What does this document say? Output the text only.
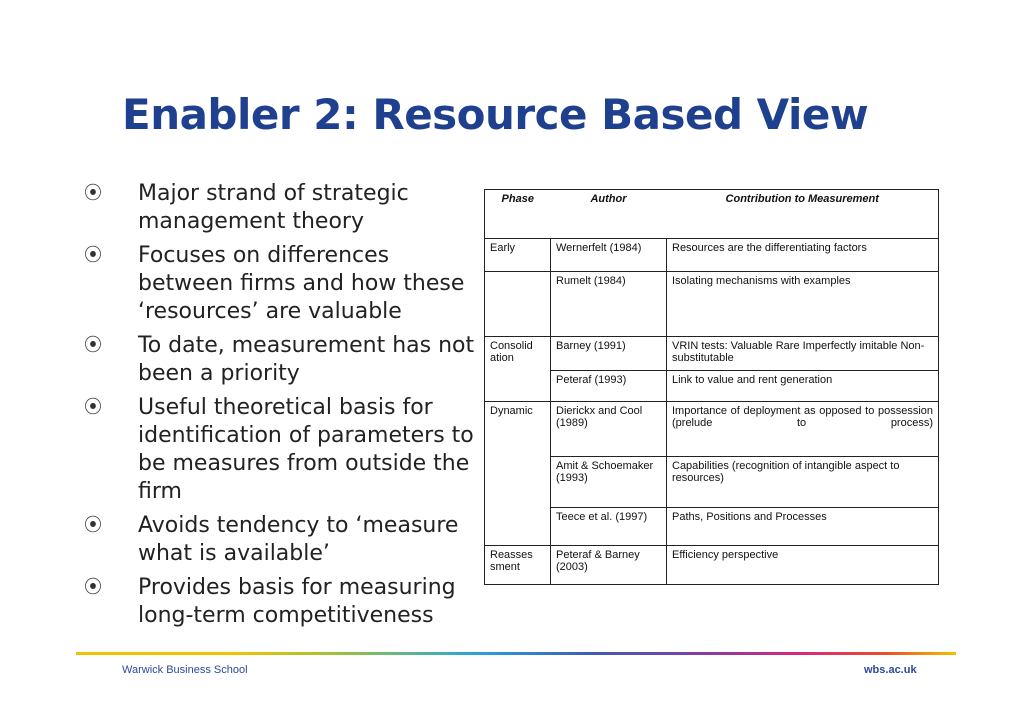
Enabler 2: Resource Based View
⦿ Major strand of strategic management theory
⦿ Focuses on differences between firms and how these ‘resources’ are valuable
⦿ To date, measurement has not been a priority
⦿ Useful theoretical basis for identification of parameters to be measures from outside the firm
⦿ Avoids tendency to ‘measure what is available’
⦿ Provides basis for measuring long-term competitiveness
Phase	Author	Contribution to Measurement
Early	Wernerfelt (1984)	Resources are the differentiating factors
	Rumelt (1984)	Isolating mechanisms with examples
Consolid ation	Barney (1991)	VRIN tests: Valuable Rare Imperfectly imitable Non-substitutable
	Peteraf (1993)	Link to value and rent generation
Dynamic	Dierickx and Cool (1989)	Importance of deployment as opposed to possession (prelude to process)
	Amit & Schoemaker (1993)	Capabilities (recognition of intangible aspect to resources)
	Teece et al. (1997)	Paths, Positions and Processes
Reasses sment	Peteraf & Barney (2003)	Efficiency perspective
Warwick Business School	wbs.ac.uk
